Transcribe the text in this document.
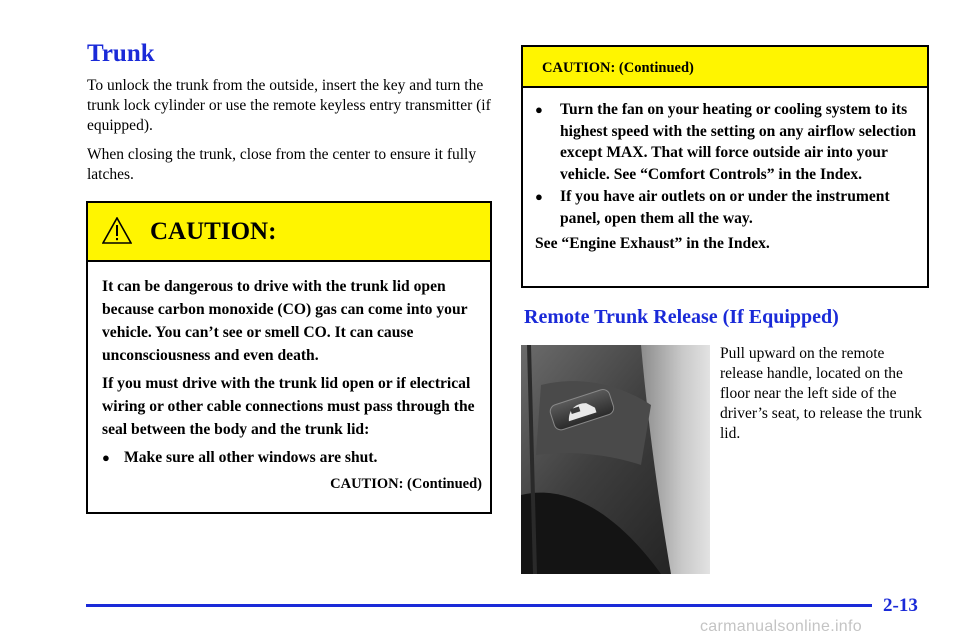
Trunk

To unlock the trunk from the outside, insert the key and turn the trunk lock cylinder or use the remote keyless entry transmitter (if equipped).

When closing the trunk, close from the center to ensure it fully latches.

CAUTION:

It can be dangerous to drive with the trunk lid open because carbon monoxide (CO) gas can come into your vehicle. You can’t see or smell CO. It can cause unconsciousness and even death.

If you must drive with the trunk lid open or if electrical wiring or other cable connections must pass through the seal between the body and the trunk lid:

● Make sure all other windows are shut.
CAUTION: (Continued)
CAUTION: (Continued)
●	Turn the fan on your heating or cooling system to its highest speed with the setting on any airflow selection except MAX. That will force outside air into your vehicle. See “Comfort Controls” in the Index.
●	If you have air outlets on or under the instrument panel, open them all the way.
See “Engine Exhaust” in the Index.
Remote Trunk Release (If Equipped)

Pull upward on the remote release handle, located on the floor near the left side of the driver’s seat, to release the trunk lid.

2-13
carmanualsonline.info
